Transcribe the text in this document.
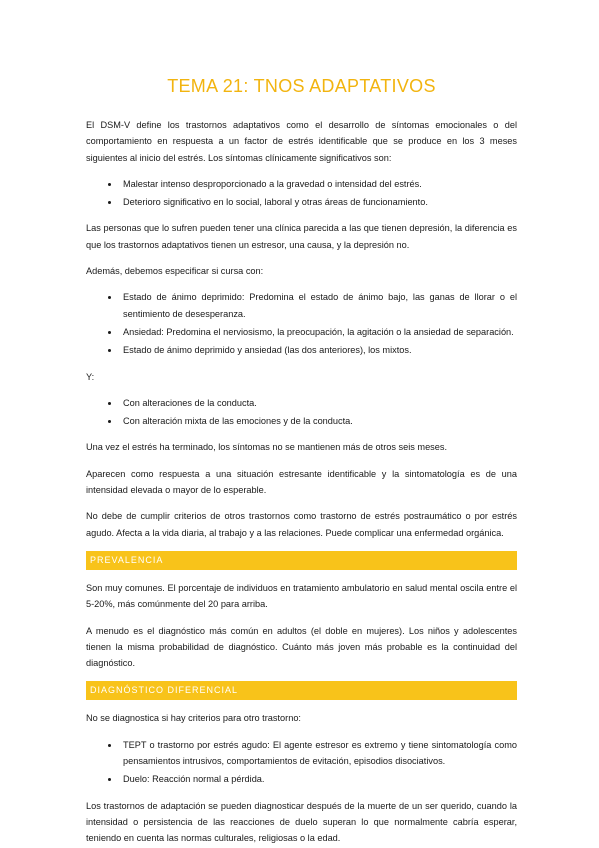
TEMA 21: TNOS ADAPTATIVOS

El DSM-V define los trastornos adaptativos como el desarrollo de síntomas emocionales o del comportamiento en respuesta a un factor de estrés identificable que se produce en los 3 meses siguientes al inicio del estrés. Los síntomas clínicamente significativos son:

• Malestar intenso desproporcionado a la gravedad o intensidad del estrés.
• Deterioro significativo en lo social, laboral y otras áreas de funcionamiento.

Las personas que lo sufren pueden tener una clínica parecida a las que tienen depresión, la diferencia es que los trastornos adaptativos tienen un estresor, una causa, y la depresión no.

Además, debemos especificar si cursa con:

• Estado de ánimo deprimido: Predomina el estado de ánimo bajo, las ganas de llorar o el sentimiento de desesperanza.
• Ansiedad: Predomina el nerviosismo, la preocupación, la agitación o la ansiedad de separación.
• Estado de ánimo deprimido y ansiedad (las dos anteriores), los mixtos.

Y:

• Con alteraciones de la conducta.
• Con alteración mixta de las emociones y de la conducta.

Una vez el estrés ha terminado, los síntomas no se mantienen más de otros seis meses.

Aparecen como respuesta a una situación estresante identificable y la sintomatología es de una intensidad elevada o mayor de lo esperable.

No debe de cumplir criterios de otros trastornos como trastorno de estrés postraumático o por estrés agudo. Afecta a la vida diaria, al trabajo y a las relaciones. Puede complicar una enfermedad orgánica.

PREVALENCIA

Son muy comunes. El porcentaje de individuos en tratamiento ambulatorio en salud mental oscila entre el 5-20%, más comúnmente del 20 para arriba.

A menudo es el diagnóstico más común en adultos (el doble en mujeres). Los niños y adolescentes tienen la misma probabilidad de diagnóstico. Cuánto más joven más probable es la continuidad del diagnóstico.

DIAGNÓSTICO DIFERENCIAL

No se diagnostica si hay criterios para otro trastorno:

• TEPT o trastorno por estrés agudo: El agente estresor es extremo y tiene sintomatología como pensamientos intrusivos, comportamientos de evitación, episodios disociativos.
• Duelo: Reacción normal a pérdida.

Los trastornos de adaptación se pueden diagnosticar después de la muerte de un ser querido, cuando la intensidad o persistencia de las reacciones de duelo superan lo que normalmente cabría esperar, teniendo en cuenta las normas culturales, religiosas o la edad.
